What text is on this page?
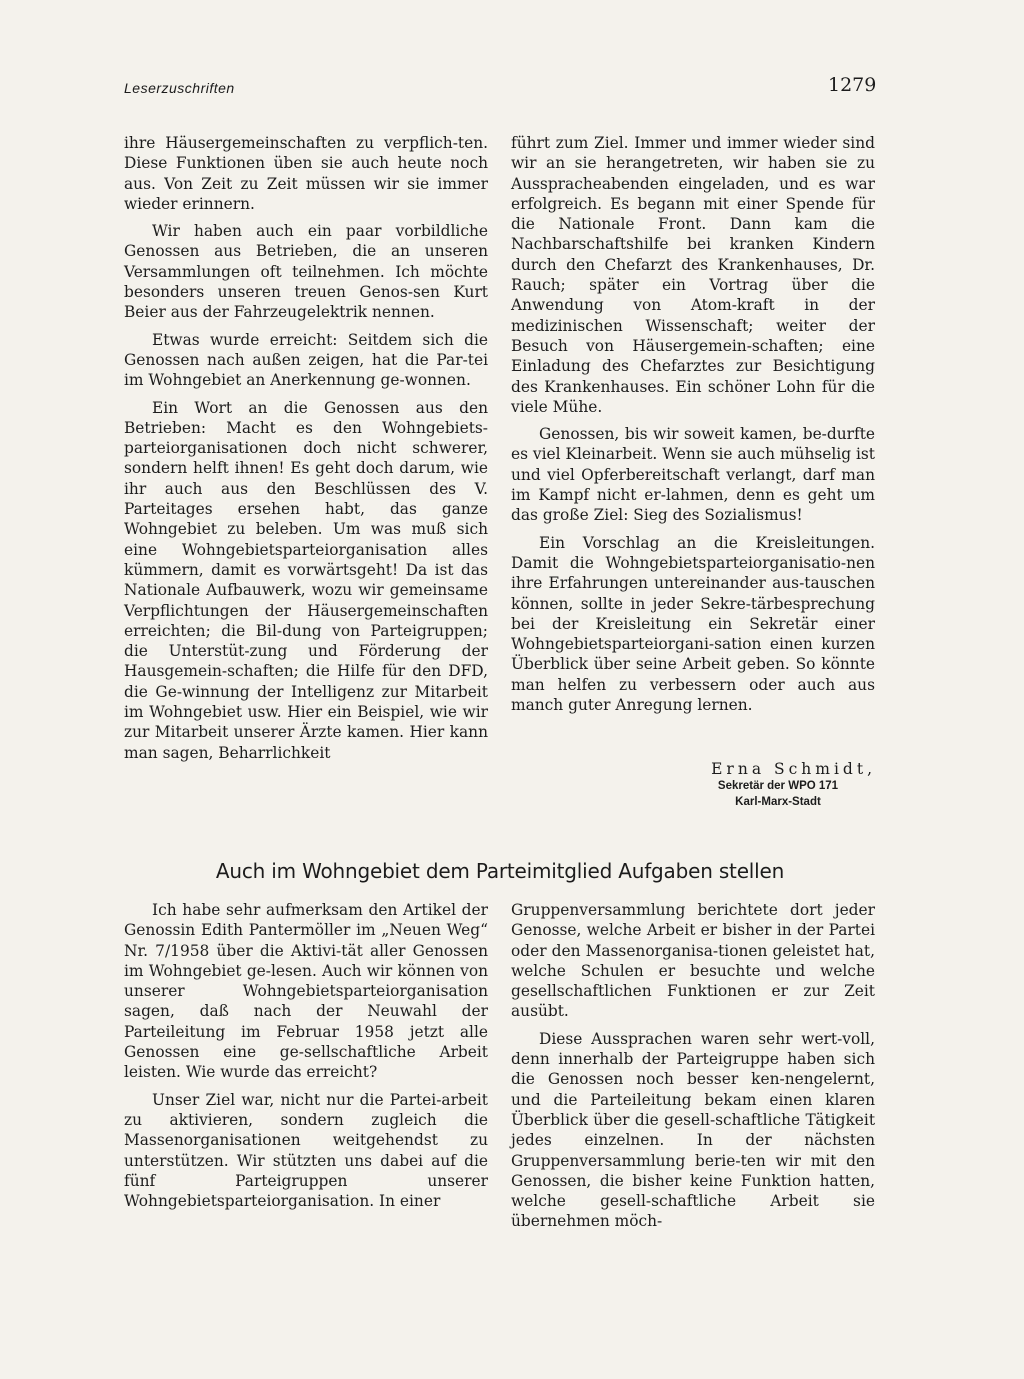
Leserzuschriften	1279

ihre Häusergemeinschaften zu verpflich-ten. Diese Funktionen üben sie auch heute noch aus. Von Zeit zu Zeit müssen wir sie immer wieder erinnern.

Wir haben auch ein paar vorbildliche Genossen aus Betrieben, die an unseren Versammlungen oft teilnehmen. Ich möchte besonders unseren treuen Genos-sen Kurt Beier aus der Fahrzeugelektrik nennen.

Etwas wurde erreicht: Seitdem sich die Genossen nach außen zeigen, hat die Par-tei im Wohngebiet an Anerkennung ge-wonnen.

Ein Wort an die Genossen aus den Betrieben: Macht es den Wohngebiets-parteiorganisationen doch nicht schwerer, sondern helft ihnen! Es geht doch darum, wie ihr auch aus den Beschlüssen des V. Parteitages ersehen habt, das ganze Wohngebiet zu beleben. Um was muß sich eine Wohngebietsparteiorganisation alles kümmern, damit es vorwärtsgeht! Da ist das Nationale Aufbauwerk, wozu wir gemeinsame Verpflichtungen der Häusergemeinschaften erreichten; die Bil-dung von Parteigruppen; die Unterstüt-zung und Förderung der Hausgemein-schaften; die Hilfe für den DFD, die Ge-winnung der Intelligenz zur Mitarbeit im Wohngebiet usw. Hier ein Beispiel, wie wir zur Mitarbeit unserer Ärzte kamen. Hier kann man sagen, Beharrlichkeit

führt zum Ziel. Immer und immer wieder sind wir an sie herangetreten, wir haben sie zu Ausspracheabenden eingeladen, und es war erfolgreich. Es begann mit einer Spende für die Nationale Front. Dann kam die Nachbarschaftshilfe bei kranken Kindern durch den Chefarzt des Krankenhauses, Dr. Rauch; später ein Vortrag über die Anwendung von Atom-kraft in der medizinischen Wissenschaft; weiter der Besuch von Häusergemein-schaften; eine Einladung des Chefarztes zur Besichtigung des Krankenhauses. Ein schöner Lohn für die viele Mühe.

Genossen, bis wir soweit kamen, be-durfte es viel Kleinarbeit. Wenn sie auch mühselig ist und viel Opferbereitschaft verlangt, darf man im Kampf nicht er-lahmen, denn es geht um das große Ziel: Sieg des Sozialismus!

Ein Vorschlag an die Kreisleitungen. Damit die Wohngebietsparteiorganisatio-nen ihre Erfahrungen untereinander aus-tauschen können, sollte in jeder Sekre-tärbesprechung bei der Kreisleitung ein Sekretär einer Wohngebietsparteiorgani-sation einen kurzen Überblick über seine Arbeit geben. So könnte man helfen zu verbessern oder auch aus manch guter Anregung lernen.

Erna Schmidt,
Sekretär der WPO 171
Karl-Marx-Stadt
Auch im Wohngebiet dem Parteimitglied Aufgaben stellen

Ich habe sehr aufmerksam den Artikel der Genossin Edith Pantermöller im „Neuen Weg“ Nr. 7/1958 über die Aktivi-tät aller Genossen im Wohngebiet ge-lesen. Auch wir können von unserer Wohngebietsparteiorganisation sagen, daß nach der Neuwahl der Parteileitung im Februar 1958 jetzt alle Genossen eine ge-sellschaftliche Arbeit leisten. Wie wurde das erreicht?

Unser Ziel war, nicht nur die Partei-arbeit zu aktivieren, sondern zugleich die Massenorganisationen weitgehendst zu unterstützen. Wir stützten uns dabei auf die fünf Parteigruppen unserer Wohngebietsparteiorganisation. In einer

Gruppenversammlung berichtete dort jeder Genosse, welche Arbeit er bisher in der Partei oder den Massenorganisa-tionen geleistet hat, welche Schulen er besuchte und welche gesellschaftlichen Funktionen er zur Zeit ausübt.

Diese Aussprachen waren sehr wert-voll, denn innerhalb der Parteigruppe haben sich die Genossen noch besser ken-nengelernt, und die Parteileitung bekam einen klaren Überblick über die gesell-schaftliche Tätigkeit jedes einzelnen. In der nächsten Gruppenversammlung berie-ten wir mit den Genossen, die bisher keine Funktion hatten, welche gesell-schaftliche Arbeit sie übernehmen möch-
